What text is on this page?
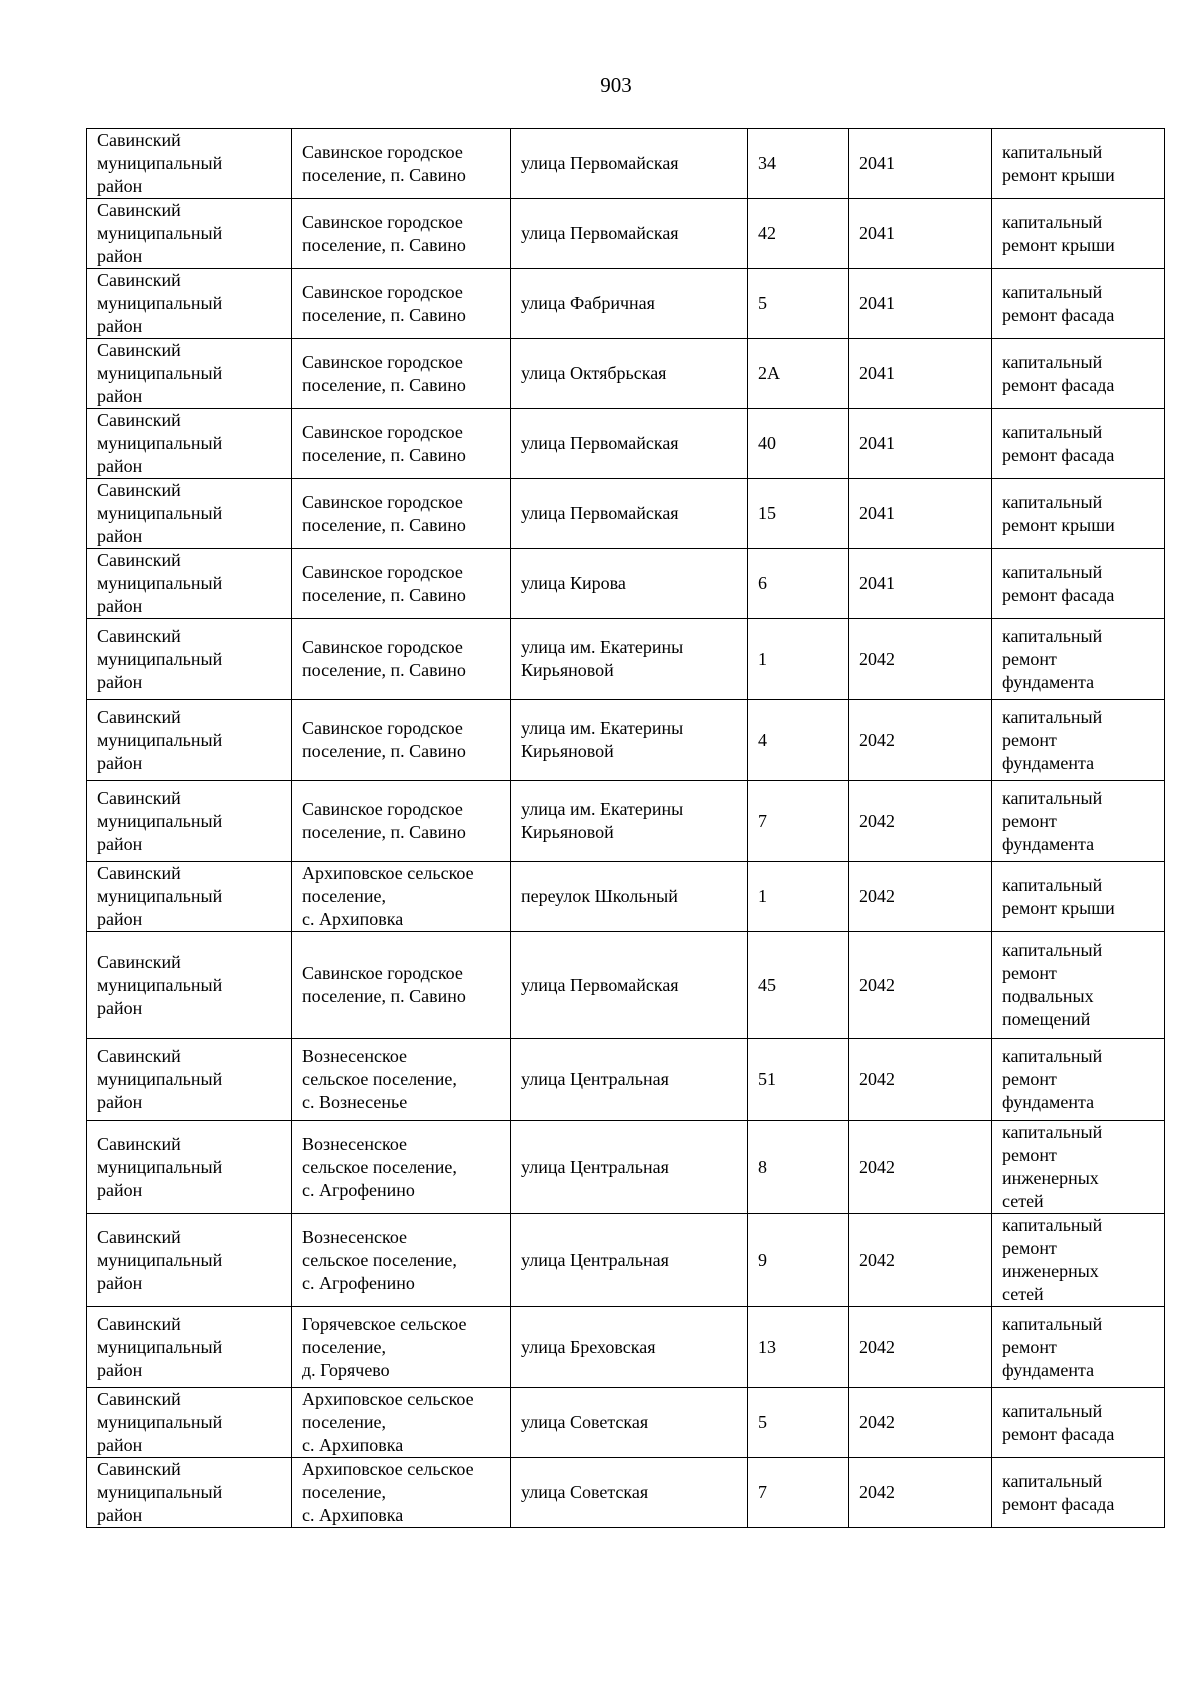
903
Савинский
муниципальный
район	Савинское городское
поселение, п. Савино	улица Первомайская	34	2041	капитальный
ремонт крыши
Савинский
муниципальный
район	Савинское городское
поселение, п. Савино	улица Первомайская	42	2041	капитальный
ремонт крыши
Савинский
муниципальный
район	Савинское городское
поселение, п. Савино	улица Фабричная	5	2041	капитальный
ремонт фасада
Савинский
муниципальный
район	Савинское городское
поселение, п. Савино	улица Октябрьская	2А	2041	капитальный
ремонт фасада
Савинский
муниципальный
район	Савинское городское
поселение, п. Савино	улица Первомайская	40	2041	капитальный
ремонт фасада
Савинский
муниципальный
район	Савинское городское
поселение, п. Савино	улица Первомайская	15	2041	капитальный
ремонт крыши
Савинский
муниципальный
район	Савинское городское
поселение, п. Савино	улица Кирова	6	2041	капитальный
ремонт фасада
Савинский
муниципальный
район	Савинское городское
поселение, п. Савино	улица им. Екатерины
Кирьяновой	1	2042	капитальный
ремонт
фундамента
Савинский
муниципальный
район	Савинское городское
поселение, п. Савино	улица им. Екатерины
Кирьяновой	4	2042	капитальный
ремонт
фундамента
Савинский
муниципальный
район	Савинское городское
поселение, п. Савино	улица им. Екатерины
Кирьяновой	7	2042	капитальный
ремонт
фундамента
Савинский
муниципальный
район	Архиповское сельское
поселение,
с. Архиповка	переулок Школьный	1	2042	капитальный
ремонт крыши
Савинский
муниципальный
район	Савинское городское
поселение, п. Савино	улица Первомайская	45	2042	капитальный
ремонт
подвальных
помещений
Савинский
муниципальный
район	Вознесенское
сельское поселение,
с. Вознесенье	улица Центральная	51	2042	капитальный
ремонт
фундамента
Савинский
муниципальный
район	Вознесенское
сельское поселение,
с. Агрофенино	улица Центральная	8	2042	капитальный
ремонт
инженерных
сетей
Савинский
муниципальный
район	Вознесенское
сельское поселение,
с. Агрофенино	улица Центральная	9	2042	капитальный
ремонт
инженерных
сетей
Савинский
муниципальный
район	Горячевское сельское
поселение,
д. Горячево	улица Бреховская	13	2042	капитальный
ремонт
фундамента
Савинский
муниципальный
район	Архиповское сельское
поселение,
с. Архиповка	улица Советская	5	2042	капитальный
ремонт фасада
Савинский
муниципальный
район	Архиповское сельское
поселение,
с. Архиповка	улица Советская	7	2042	капитальный
ремонт фасада
